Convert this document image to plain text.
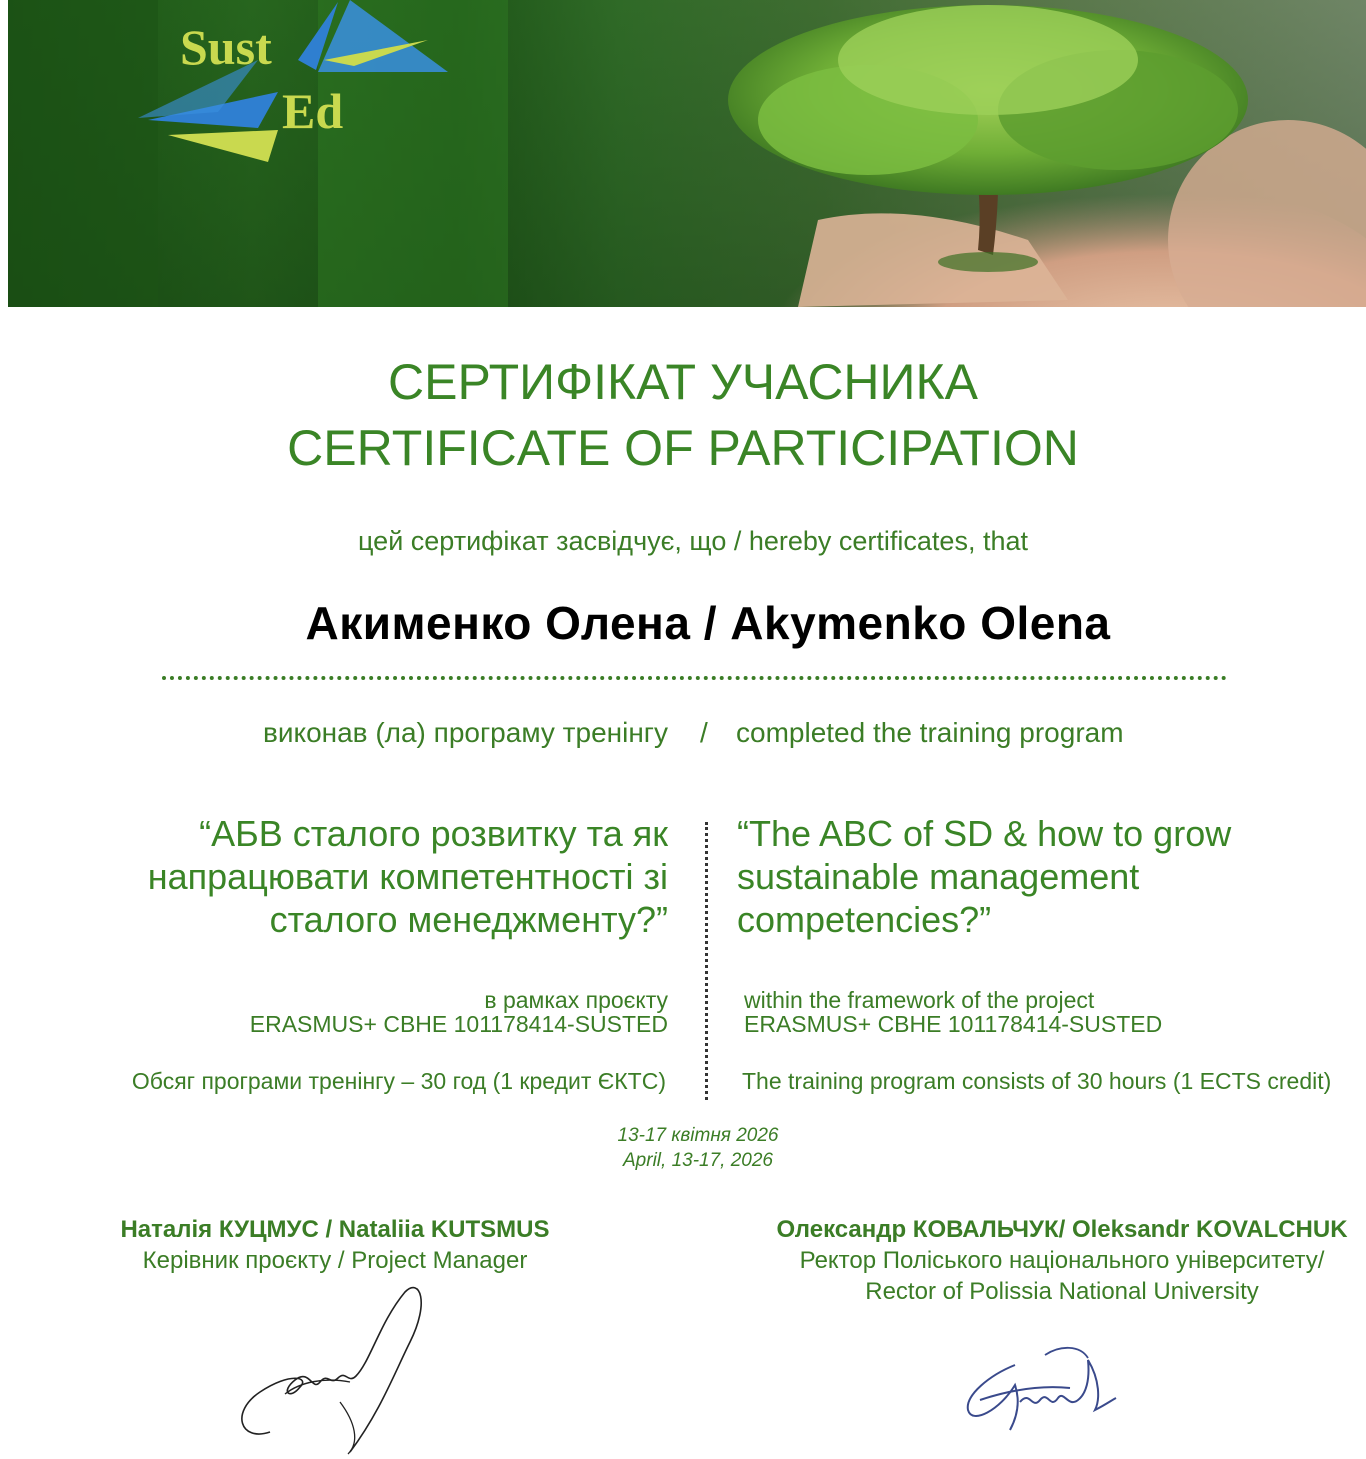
Sust
Ed
СЕРТИФІКАТ УЧАСНИКА
CERTIFICATE OF PARTICIPATION
цей сертифікат засвідчує, що / hereby certificates, that
Акименко Олена / Akymenko Olena
виконав (ла) програму тренінгу / completed the training program
“АБВ сталого розвитку та як напрацювати компетентності зі сталого менеджменту?”
“The ABC of SD & how to grow sustainable management competencies?”
в рамках проєкту
ERASMUS+ CBHE 101178414-SUSTED
within the framework of the project
ERASMUS+ CBHE 101178414-SUSTED
Обсяг програми тренінгу – 30 год (1 кредит ЄКТС)	The training program consists of 30 hours (1 ECTS credit)
13-17 квітня 2026
April, 13-17, 2026
Наталія КУЦМУС / Nataliia KUTSMUS
Керівник проєкту / Project Manager
Олександр КОВАЛЬЧУК/ Oleksandr KOVALCHUK
Ректор Поліського національного університету/
Rector of Polissia National University
